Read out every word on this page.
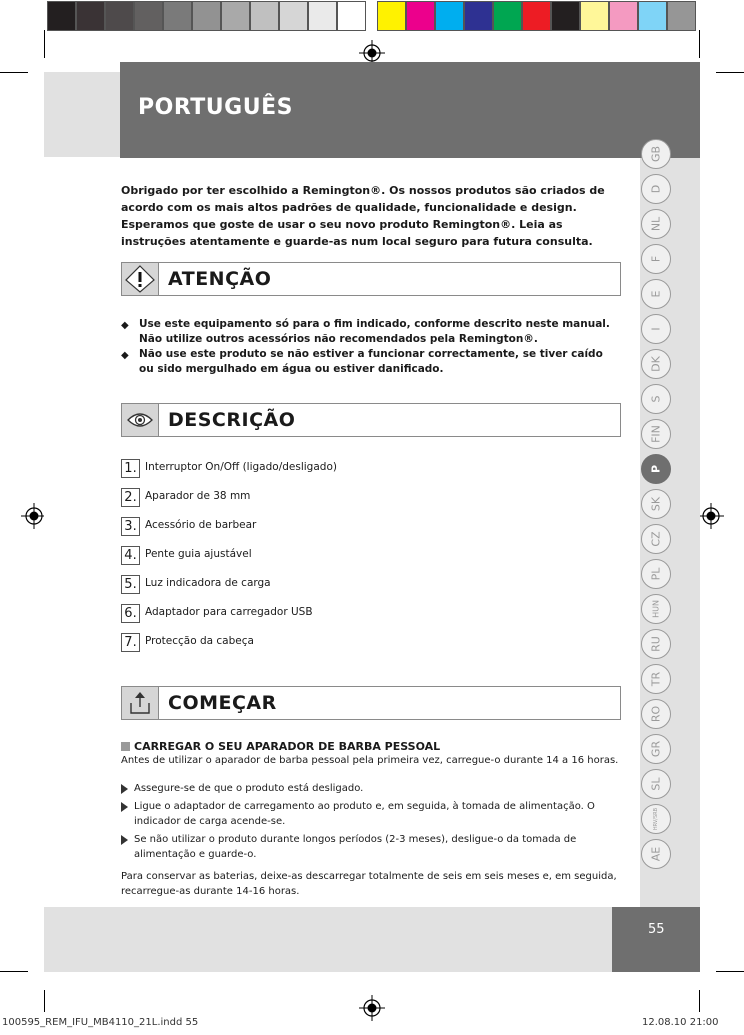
PORTUGUÊS
Obrigado por ter escolhido a Remington®. Os nossos produtos são criados de acordo com os mais altos padrões de qualidade, funcionalidade e design. Esperamos que goste de usar o seu novo produto Remington®. Leia as instruções atentamente e guarde-as num local seguro para futura consulta.
ATENÇÃO
◆ Use este equipamento só para o fim indicado, conforme descrito neste manual. Não utilize outros acessórios não recomendados pela Remington®.
◆ Não use este produto se não estiver a funcionar correctamente, se tiver caído ou sido mergulhado em água ou estiver danificado.
DESCRIÇÃO
1. Interruptor On/Off (ligado/desligado)
2. Aparador de 38 mm
3. Acessório de barbear
4. Pente guia ajustável
5. Luz indicadora de carga
6. Adaptador para carregador USB
7. Protecção da cabeça
COMEÇAR
CARREGAR O SEU APARADOR DE BARBA PESSOAL
Antes de utilizar o aparador de barba pessoal pela primeira vez, carregue-o durante 14 a 16 horas.
Assegure-se de que o produto está desligado.
Ligue o adaptador de carregamento ao produto e, em seguida, à tomada de alimentação. O indicador de carga acende-se.
Se não utilizar o produto durante longos períodos (2-3 meses), desligue-o da tomada de alimentação e guarde-o.
Para conservar as baterias, deixe-as descarregar totalmente de seis em seis meses e, em seguida, recarregue-as durante 14-16 horas.
GB
D
NL
F
E
I
DK
S
FIN
P
SK
CZ
PL
HUN
RU
TR
RO
GR
SL
HRV/SRB
AE
55
100595_REM_IFU_MB4110_21L.indd 55	12.08.10 21:00
